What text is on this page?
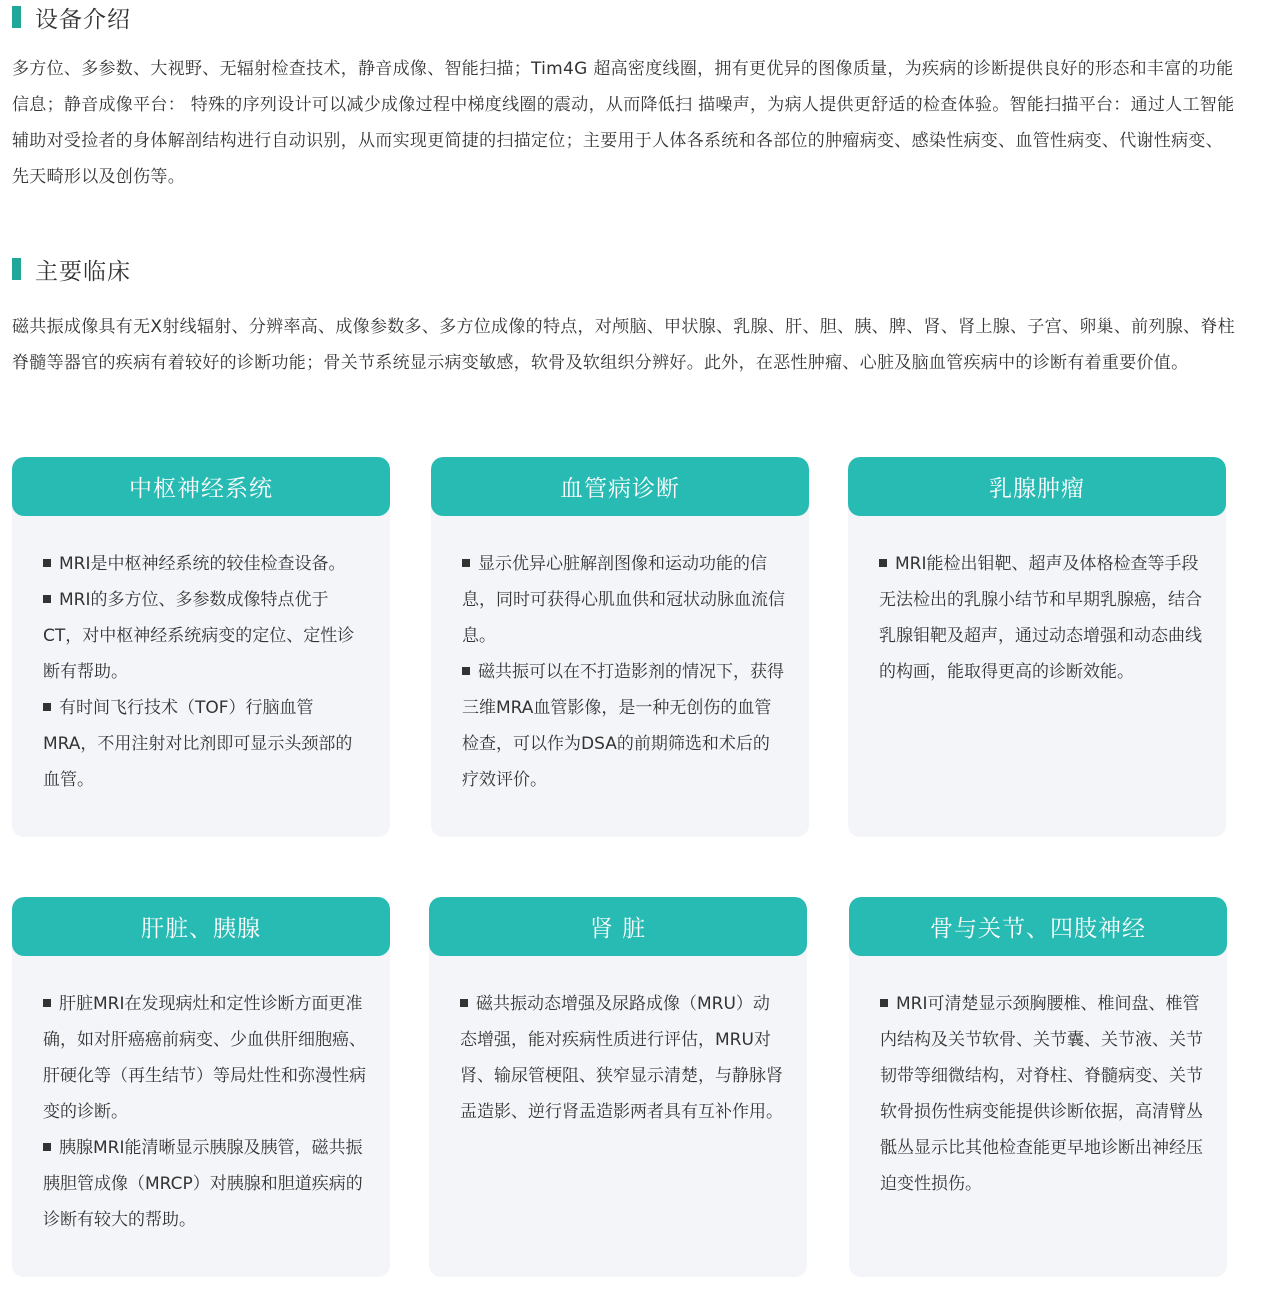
设备介绍

多方位、多参数、大视野、无辐射检查技术，静音成像、智能扫描；Tim4G 超高密度线圈，拥有更优异的图像质量，为疾病的诊断提供良好的形态和丰富的功能信息；静音成像平台： 特殊的序列设计可以减少成像过程中梯度线圈的震动，从而降低扫 描噪声，为病人提供更舒适的检查体验。智能扫描平台：通过人工智能辅助对受捡者的身体解剖结构进行自动识别，从而实现更简捷的扫描定位；主要用于人体各系统和各部位的肿瘤病变、感染性病变、血管性病变、代谢性病变、先天畸形以及创伤等。

主要临床

磁共振成像具有无X射线辐射、分辨率高、成像参数多、多方位成像的特点，对颅脑、甲状腺、乳腺、肝、胆、胰、脾、肾、肾上腺、子宫、卵巢、前列腺、脊柱脊髓等器官的疾病有着较好的诊断功能；骨关节系统显示病变敏感，软骨及软组织分辨好。此外，在恶性肿瘤、心脏及脑血管疾病中的诊断有着重要价值。

中枢神经系统

MRI是中枢神经系统的较佳检查设备。

MRI的多方位、多参数成像特点优于CT，对中枢神经系统病变的定位、定性诊断有帮助。

有时间飞行技术（TOF）行脑血管MRA，不用注射对比剂即可显示头颈部的血管。

血管病诊断

显示优异心脏解剖图像和运动功能的信息，同时可获得心肌血供和冠状动脉血流信息。

磁共振可以在不打造影剂的情况下，获得三维MRA血管影像，是一种无创伤的血管检查，可以作为DSA的前期筛选和术后的疗效评价。

乳腺肿瘤

MRI能检出钼靶、超声及体格检查等手段无法检出的乳腺小结节和早期乳腺癌，结合乳腺钼靶及超声，通过动态增强和动态曲线的构画，能取得更高的诊断效能。

肝脏、胰腺

肝脏MRI在发现病灶和定性诊断方面更准确，如对肝癌癌前病变、少血供肝细胞癌、肝硬化等（再生结节）等局灶性和弥漫性病变的诊断。

胰腺MRI能清晰显示胰腺及胰管，磁共振胰胆管成像（MRCP）对胰腺和胆道疾病的诊断有较大的帮助。

肾 脏

磁共振动态增强及尿路成像（MRU）动态增强，能对疾病性质进行评估，MRU对肾、输尿管梗阻、狭窄显示清楚，与静脉肾盂造影、逆行肾盂造影两者具有互补作用。

骨与关节、四肢神经

MRI可清楚显示颈胸腰椎、椎间盘、椎管内结构及关节软骨、关节囊、关节液、关节韧带等细微结构，对脊柱、脊髓病变、关节软骨损伤性病变能提供诊断依据，高清臂丛骶丛显示比其他检查能更早地诊断出神经压迫变性损伤。
